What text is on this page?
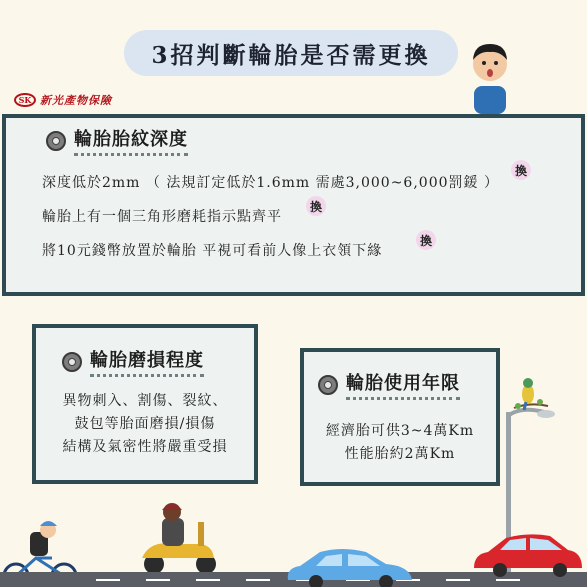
3招判斷輪胎是否需更換
SK 新光產物保險
輪胎胎紋深度
深度低於2mm （ 法規訂定低於1.6mm 需處3,000~6,000罰鍰 ）
輪胎上有一個三角形磨耗指示點齊平
將10元錢幣放置於輪胎 平視可看前人像上衣領下緣
換
換
換
輪胎磨損程度
異物刺入、割傷、裂紋、
鼓包等胎面磨損/損傷
結構及氣密性將嚴重受損
輪胎使用年限
經濟胎可供3~4萬Km
性能胎約2萬Km
